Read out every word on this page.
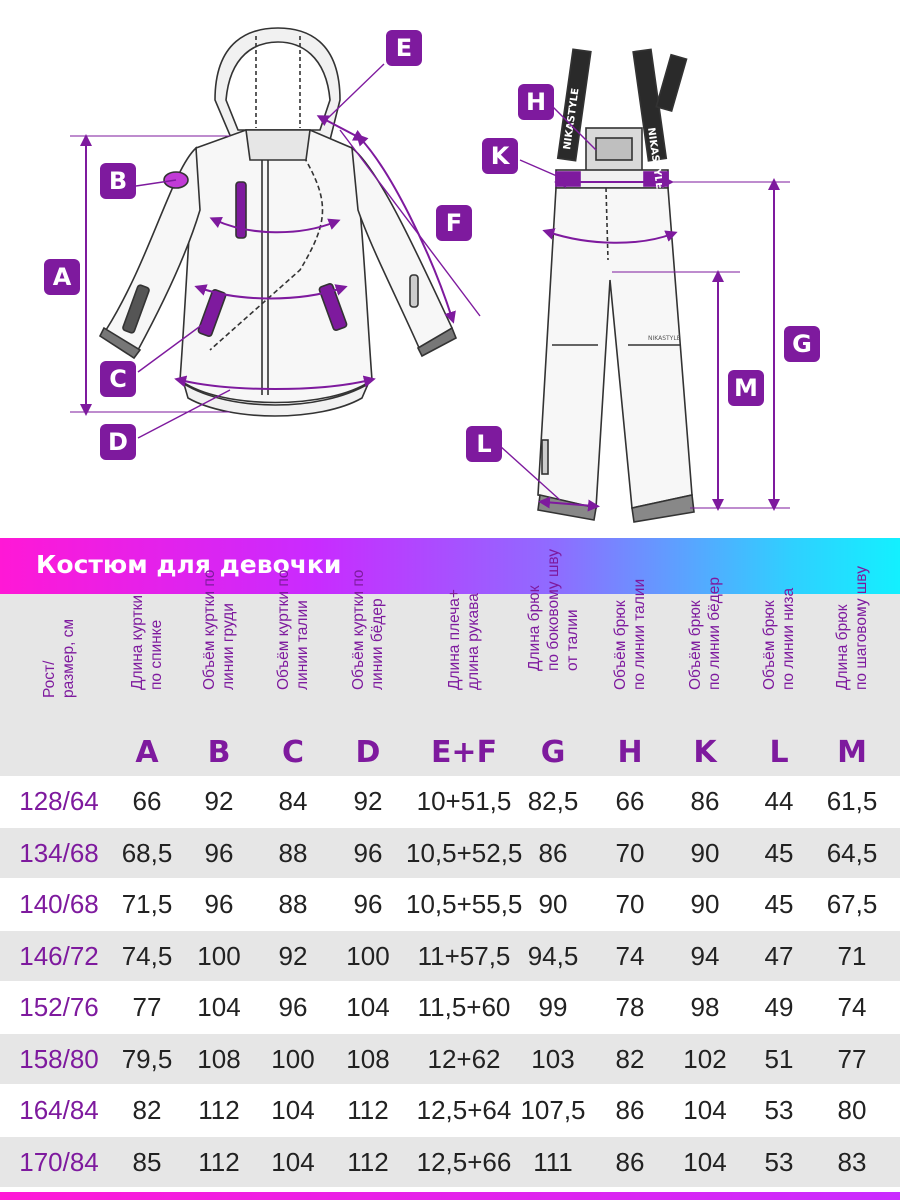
NIKASTYLE
NIKASTYLE
NIKASTYLE
A
B
C
D
E
F
H
K
G
M
L
Костюм для девочки
Рост/
размер, см	Длина куртки по спинке
A
Объём куртки по линии груди
B
Объём куртки по линии талии
C
Объём куртки по линии бёдер
D
Длина плеча+ длина рукава
E+F
Длина брюк по боковому шву от талии
G
Объём брюк по линии талии
H
Объём брюк по линии бёдер
K
Объём брюк по линии низа
L
Длина брюк по шаговому шву
M
128/64	66	92	84	92	10+51,5 82,5	66	86	44	61,5
134/68 68,5	96	88	96 10,5+52,5 86	70	90	45	64,5
140/68 71,5	96	88	96 10,5+55,5 90	70	90	45	67,5
146/72 74,5 100	92	100	11+57,5 94,5	74	94	47	71
152/76	77	104	96	104	11,5+60	99	78	98	49	74
158/80 79,5 108	100	108	12+62	103	82	102	51	77
164/84	82	112	104	112	12,5+64 107,5	86	104	53	80
170/84	85	112	104	112	12,5+66 111	86	104	53	83
